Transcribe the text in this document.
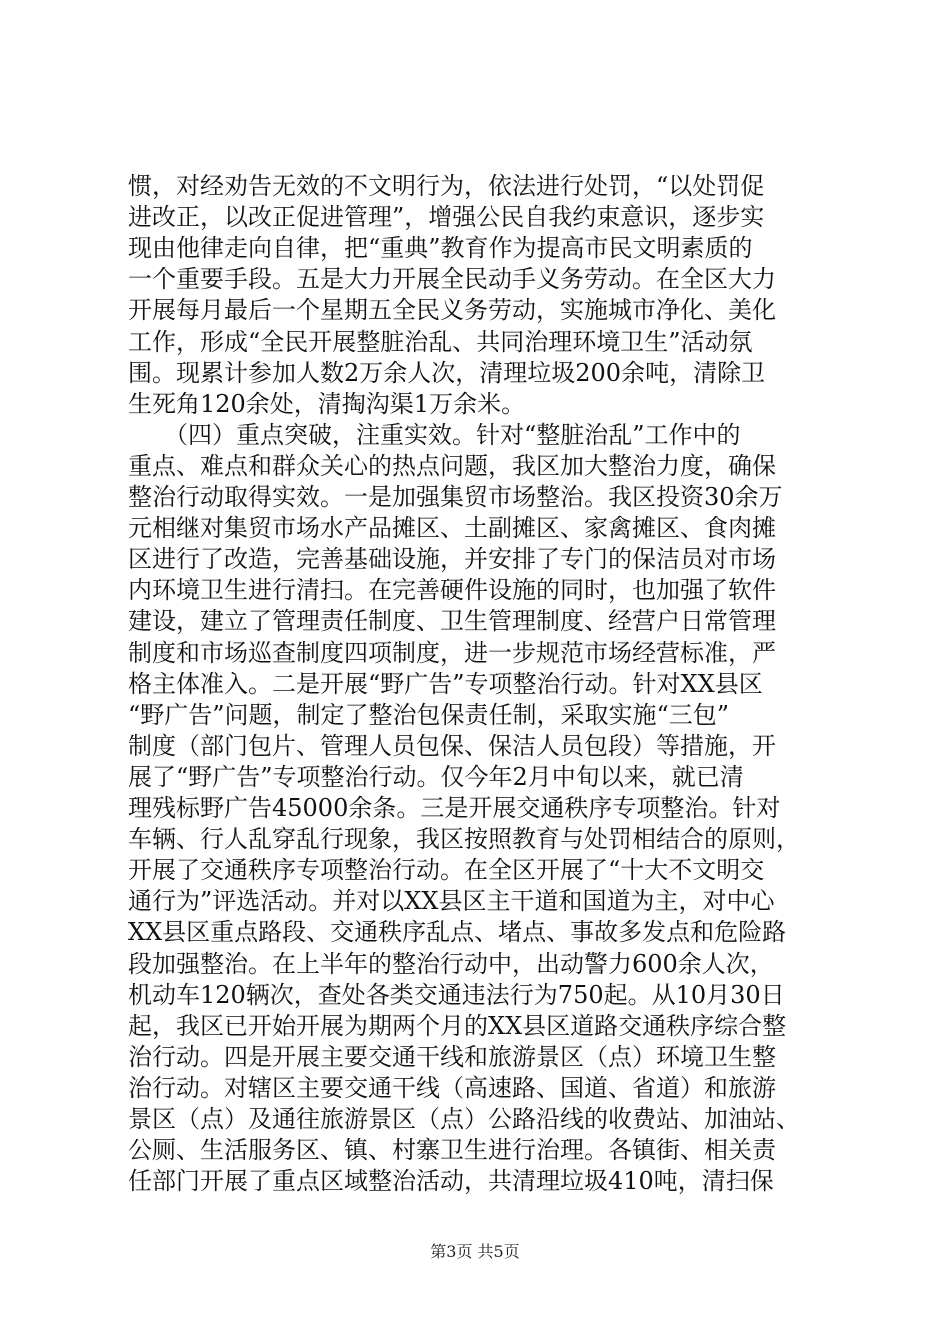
惯，对经劝告无效的不文明行为，依法进行处罚，“以处罚促
进改正，以改正促进管理”，增强公民自我约束意识，逐步实
现由他律走向自律，把“重典”教育作为提高市民文明素质的
一个重要手段。五是大力开展全民动手义务劳动。在全区大力
开展每月最后一个星期五全民义务劳动，实施城市净化、美化
工作，形成“全民开展整脏治乱、共同治理环境卫生”活动氛
围。现累计参加人数2万余人次，清理垃圾200余吨，清除卫
生死角120余处，清掏沟渠1万余米。
　　（四）重点突破，注重实效。针对“整脏治乱”工作中的
重点、难点和群众关心的热点问题，我区加大整治力度，确保
整治行动取得实效。一是加强集贸市场整治。我区投资30余万
元相继对集贸市场水产品摊区、土副摊区、家禽摊区、食肉摊
区进行了改造，完善基础设施，并安排了专门的保洁员对市场
内环境卫生进行清扫。在完善硬件设施的同时，也加强了软件
建设，建立了管理责任制度、卫生管理制度、经营户日常管理
制度和市场巡查制度四项制度，进一步规范市场经营标准，严
格主体准入。二是开展“野广告”专项整治行动。针对XX县区
“野广告”问题，制定了整治包保责任制，采取实施“三包”
制度（部门包片、管理人员包保、保洁人员包段）等措施，开
展了“野广告”专项整治行动。仅今年2月中旬以来，就已清
理残标野广告45000余条。三是开展交通秩序专项整治。针对
车辆、行人乱穿乱行现象，我区按照教育与处罚相结合的原则，
开展了交通秩序专项整治行动。在全区开展了“十大不文明交
通行为”评选活动。并对以XX县区主干道和国道为主，对中心
XX县区重点路段、交通秩序乱点、堵点、事故多发点和危险路
段加强整治。在上半年的整治行动中，出动警力600余人次，
机动车120辆次，查处各类交通违法行为750起。从10月30日
起，我区已开始开展为期两个月的XX县区道路交通秩序综合整
治行动。四是开展主要交通干线和旅游景区（点）环境卫生整
治行动。对辖区主要交通干线（高速路、国道、省道）和旅游
景区（点）及通往旅游景区（点）公路沿线的收费站、加油站、
公厕、生活服务区、镇、村寨卫生进行治理。各镇街、相关责
任部门开展了重点区域整治活动，共清理垃圾410吨，清扫保
第3页 共5页
